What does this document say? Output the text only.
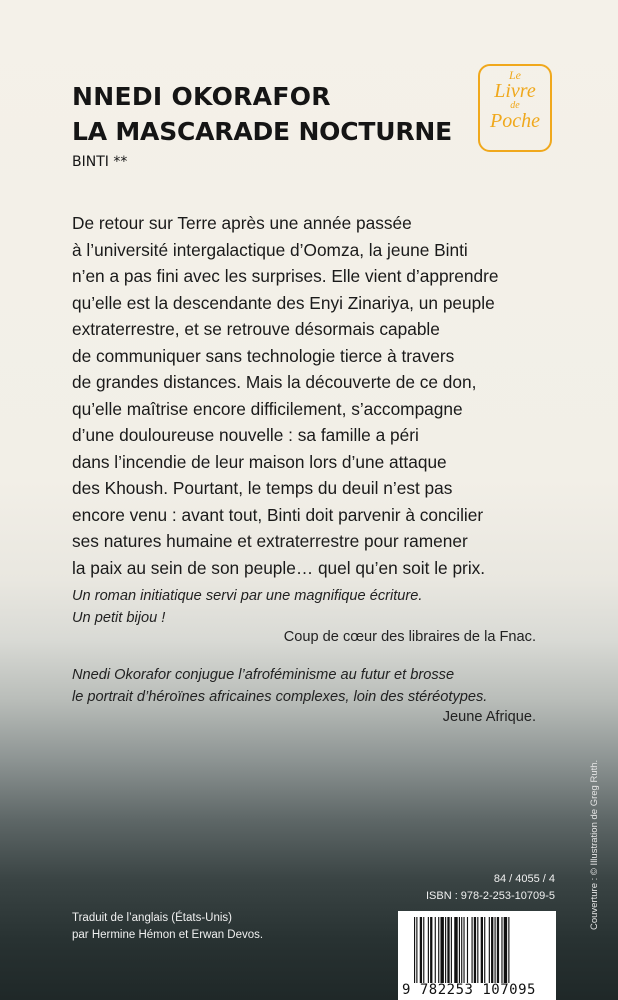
NNEDI OKORAFOR
LA MASCARADE NOCTURNE
BINTI **
Le
Livre
de
Poche
De retour sur Terre après une année passée
à l’université intergalactique d’Oomza, la jeune Binti
n’en a pas fini avec les surprises. Elle vient d’apprendre
qu’elle est la descendante des Enyi Zinariya, un peuple
extraterrestre, et se retrouve désormais capable
de communiquer sans technologie tierce à travers
de grandes distances. Mais la découverte de ce don,
qu’elle maîtrise encore difficilement, s’accompagne
d’une douloureuse nouvelle : sa famille a péri
dans l’incendie de leur maison lors d’une attaque
des Khoush. Pourtant, le temps du deuil n’est pas
encore venu : avant tout, Binti doit parvenir à concilier
ses natures humaine et extraterrestre pour ramener
la paix au sein de son peuple… quel qu’en soit le prix.
Un roman initiatique servi par une magnifique écriture.
Un petit bijou !
Coup de cœur des libraires de la Fnac.
Nnedi Okorafor conjugue l’afroféminisme au futur et brosse
le portrait d’héroïnes africaines complexes, loin des stéréotypes.
Jeune Afrique.
Couverture : © Illustration de Greg Ruth.
84 / 4055 / 4
ISBN : 978-2-253-10709-5
Traduit de l’anglais (États-Unis)
par Hermine Hémon et Erwan Devos.
9 782253 107095
